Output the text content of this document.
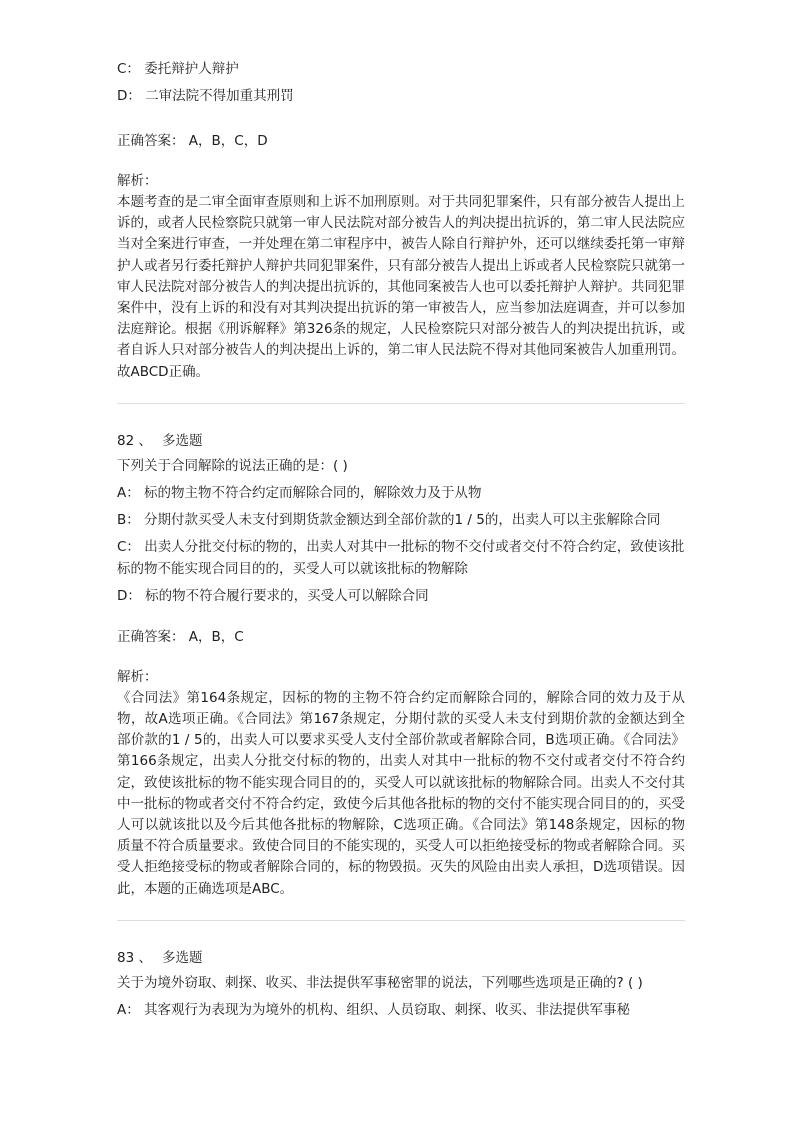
C： 委托辩护人辩护

D： 二审法院不得加重其刑罚

正确答案： A，B，C，D

解析：

本题考查的是二审全面审查原则和上诉不加刑原则。对于共同犯罪案件，只有部分被告人提出上诉的，或者人民检察院只就第一审人民法院对部分被告人的判决提出抗诉的，第二审人民法院应当对全案进行审查，一并处理在第二审程序中，被告人除自行辩护外，还可以继续委托第一审辩护人或者另行委托辩护人辩护共同犯罪案件，只有部分被告人提出上诉或者人民检察院只就第一审人民法院对部分被告人的判决提出抗诉的，其他同案被告人也可以委托辩护人辩护。共同犯罪案件中，没有上诉的和没有对其判决提出抗诉的第一审被告人，应当参加法庭调查，并可以参加法庭辩论。根据《刑诉解释》第326条的规定，人民检察院只对部分被告人的判决提出抗诉，或者自诉人只对部分被告人的判决提出上诉的，第二审人民法院不得对其他同案被告人加重刑罚。故ABCD正确。

82 、 多选题

下列关于合同解除的说法正确的是：( )

A： 标的物主物不符合约定而解除合同的，解除效力及于从物

B： 分期付款买受人未支付到期货款金额达到全部价款的1 / 5的，出卖人可以主张解除合同

C： 出卖人分批交付标的物的，出卖人对其中一批标的物不交付或者交付不符合约定，致使该批标的物不能实现合同目的的，买受人可以就该批标的物解除

D： 标的物不符合履行要求的，买受人可以解除合同

正确答案： A，B，C

解析：

《合同法》第164条规定，因标的物的主物不符合约定而解除合同的，解除合同的效力及于从物，故A选项正确。《合同法》第167条规定，分期付款的买受人未支付到期价款的金额达到全部价款的1 / 5的，出卖人可以要求买受人支付全部价款或者解除合同，B选项正确。《合同法》第166条规定，出卖人分批交付标的物的，出卖人对其中一批标的物不交付或者交付不符合约定，致使该批标的物不能实现合同目的的，买受人可以就该批标的物解除合同。出卖人不交付其中一批标的物或者交付不符合约定，致使今后其他各批标的物的交付不能实现合同目的的，买受人可以就该批以及今后其他各批标的物解除，C选项正确。《合同法》第148条规定，因标的物质量不符合质量要求。致使合同目的不能实现的，买受人可以拒绝接受标的物或者解除合同。买受人拒绝接受标的物或者解除合同的，标的物毁损。灭失的风险由出卖人承担，D选项错误。因此，本题的正确选项是ABC。

83 、 多选题

关于为境外窃取、刺探、收买、非法提供军事秘密罪的说法，下列哪些选项是正确的? ( )

A： 其客观行为表现为为境外的机构、组织、人员窃取、刺探、收买、非法提供军事秘
